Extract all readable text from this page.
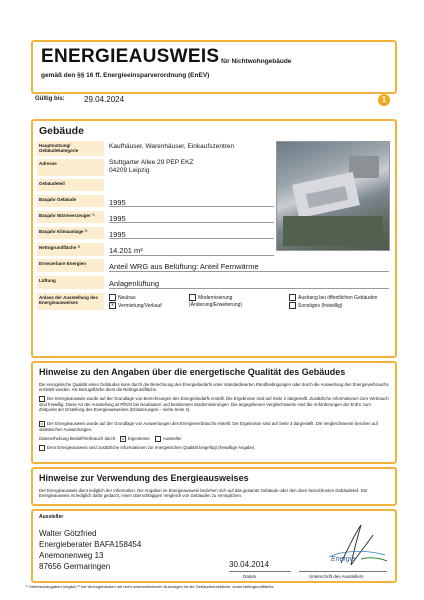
ENERGIEAUSWEIS für Nichtwohngebäude
gemäß den §§ 16 ff. Energieeinsparverordnung (EnEV)
Gültig bis: 29.04.2024	1
Gebäude
Hauptnutzung/ Gebäudekategorie
Kaufhäuser, Warenhäuser, Einkaufszentren
Adresse	Stuttgarter Allee 29 PEP EKZ
04209 Leipzig
Gebäudeteil
Baujahr Gebäude	1995
Baujahr Wärmeerzeuger ¹⁾	1995
Baujahr Klimaanlage ¹⁾	1995
Nettogrundfläche ²⁾	14.201 m²
Erneuerbare Energien	Anteil WRG aus Belüftung: Anteil Fernwärme
Lüftung	Anlagenlüftung
Anlass der Ausstellung des Energieausweises
Neubau
x Vermietung/Verkauf
Modernisierung (Änderung/Erweiterung)
Aushang bei öffentlichen Gebäuden
Sonstiges (freiwillig)
Hinweise zu den Angaben über die energetische Qualität des Gebäudes
Die energetische Qualität eines Gebäudes kann durch die Berechnung des Energiebedarfs unter standardisierten Randbedingungen oder durch die Auswertung des Energieverbrauchs ermittelt werden. Als Bezugsfläche dient die Nettogrundfläche.
Der Energieausweis wurde auf der Grundlage von Berechnungen des Energiebedarfs erstellt. Die Ergebnisse sind auf Seite 2 dargestellt. Zusätzliche Informationen zum Verbrauch sind freiwillig. Diese Art der Ausstellung ist Pflicht bei Neubauten und bestimmten Modernisierungen. Die angegebenen Vergleichswerte sind die Anforderungen der EnEV zum Zeitpunkt der Erstellung des Energieausweises (Erläuterungen – siehe Seite 4).
x Der Energieausweis wurde auf der Grundlage von Auswertungen des Energieverbrauchs erstellt. Die Ergebnisse sind auf Seite 3 dargestellt. Die Vergleichswerte beruhen auf statistischen Auswertungen.
Datenerhebung Bedarf/Verbrauch durch: x Eigentümer	Aussteller
Dem Energieausweis sind zusätzliche Informationen zur energetischen Qualität beigefügt (freiwillige Angabe).
Hinweise zur Verwendung des Energieausweises
Der Energieausweis dient lediglich der Information. Die Angaben im Energieausweis beziehen sich auf das gesamte Gebäude oder den oben bezeichneten Gebäudeteil. Der Energieausweis ist lediglich dafür gedacht, einen überschlägigen Vergleich von Gebäuden zu ermöglichen.
Aussteller
Walter Götzfried
Energieberater BAFA158454
Anemonenweg 13
87656 Germaringen	30.04.2014
Datum	Unterschrift des Ausstellers
Energie
¹⁾ Mehrfachangaben möglich ²⁾ bei Wohngebäuden mit nicht unterschiedenen Nutzungen ist die Gebäudenutzfläche, sonst Nettogrundfläche
